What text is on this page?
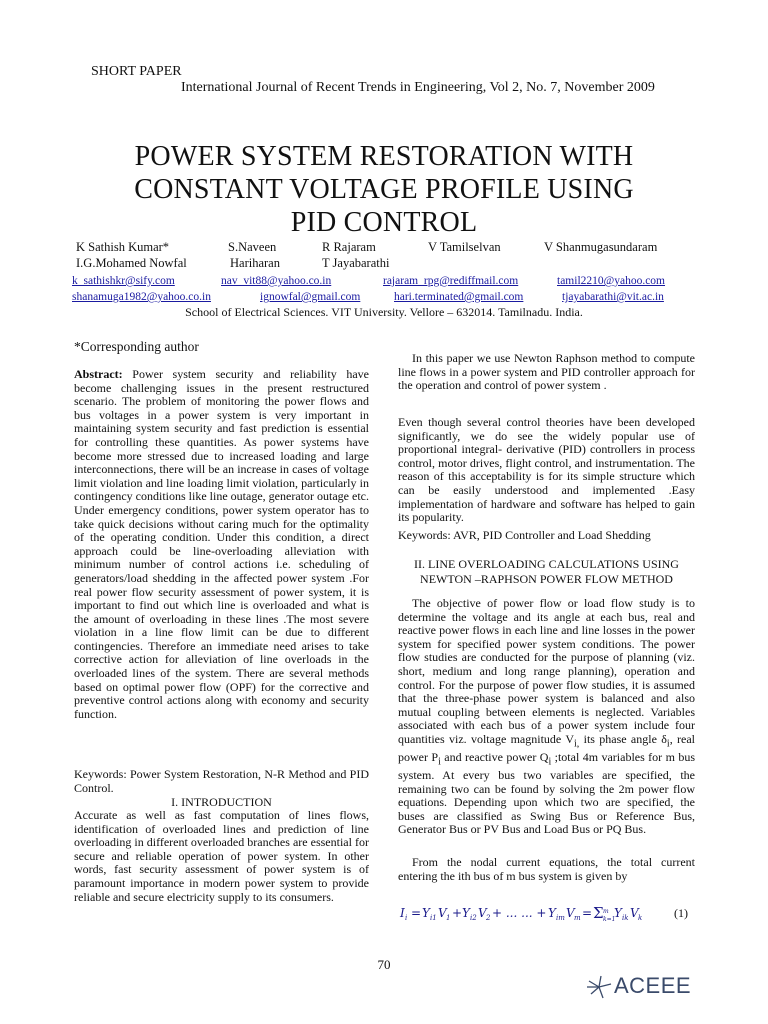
SHORT PAPER
International Journal of Recent Trends in Engineering, Vol 2, No. 7, November 2009
POWER SYSTEM RESTORATION WITH
CONSTANT VOLTAGE PROFILE USING
PID CONTROL
K Sathish Kumar*	S.Naveen	R Rajaram	V Tamilselvan	V Shanmugasundaram
I.G.Mohamed Nowfal	Hariharan	T Jayabarathi
k_sathishkr@sify.com	nav_vit88@yahoo.co.in	rajaram_rpg@rediffmail.com	tamil2210@yahoo.com
shanamuga1982@yahoo.co.in	ignowfal@gmail.com	hari.terminated@gmail.com	tjayabarathi@vit.ac.in
School of Electrical Sciences. VIT University. Vellore – 632014. Tamilnadu. India.
*Corresponding author
Abstract: Power system security and reliability have become challenging issues in the present restructured scenario. The problem of monitoring the power flows and bus voltages in a power system is very important in maintaining system security and fast prediction is essential for controlling these quantities. As power systems have become more stressed due to increased loading and large interconnections, there will be an increase in cases of voltage limit violation and line loading limit violation, particularly in contingency conditions like line outage, generator outage etc. Under emergency conditions, power system operator has to take quick decisions without caring much for the optimality of the operating condition. Under this condition, a direct approach could be line-overloading alleviation with minimum number of control actions i.e. scheduling of generators/load shedding in the affected power system .For real power flow security assessment of power system, it is important to find out which line is overloaded and what is the amount of overloading in these lines .The most severe violation in a line flow limit can be due to different contingencies. Therefore an immediate need arises to take corrective action for alleviation of line overloads in the overloaded lines of the system. There are several methods based on optimal power flow (OPF) for the corrective and preventive control actions along with economy and security function.
Keywords: Power System Restoration, N-R Method and PID Control.
I. INTRODUCTION
Accurate as well as fast computation of lines flows, identification of overloaded lines and prediction of line overloading in different overloaded branches are essential for secure and reliable operation of power system. In other words, fast security assessment of power system is of paramount importance in modern power system to provide reliable and secure electricity supply to its consumers.
In this paper we use Newton Raphson method to compute line flows in a power system and PID controller approach for the operation and control of power system .
Even though several control theories have been developed significantly, we do see the widely popular use of proportional integral- derivative (PID) controllers in process control, motor drives, flight control, and instrumentation. The reason of this acceptability is for its simple structure which can be easily understood and implemented .Easy implementation of hardware and software has helped to gain its popularity.
Keywords: AVR, PID Controller and Load Shedding
II. LINE OVERLOADING CALCULATIONS USING
NEWTON –RAPHSON POWER FLOW METHOD
The objective of power flow or load flow study is to determine the voltage and its angle at each bus, real and reactive power flows in each line and line losses in the power system for specified power system conditions. The power flow studies are conducted for the purpose of planning (viz. short, medium and long range planning), operation and control. For the purpose of power flow studies, it is assumed that the three-phase power system is balanced and also mutual coupling between elements is neglected. Variables associated with each bus of a power system include four quantities viz. voltage magnitude $V_{i,}$ its phase angle $\delta_i$, real power $P_i$ and reactive power $Q_i$ ;total 4m variables for m bus system. At every bus two variables are specified, the remaining two can be found by solving the 2m power flow equations. Depending upon which two are specified, the buses are classified as Swing Bus or Reference Bus, Generator Bus or PV Bus and Load Bus or PQ Bus.
From the nodal current equations, the total current entering the ith bus of m bus system is given by
I i = Y i1 V 1 + Y i2 V 2 + ... ... + Y im V m = Σ m
k=1
Y ik V k	(1)
70
ACEEE
